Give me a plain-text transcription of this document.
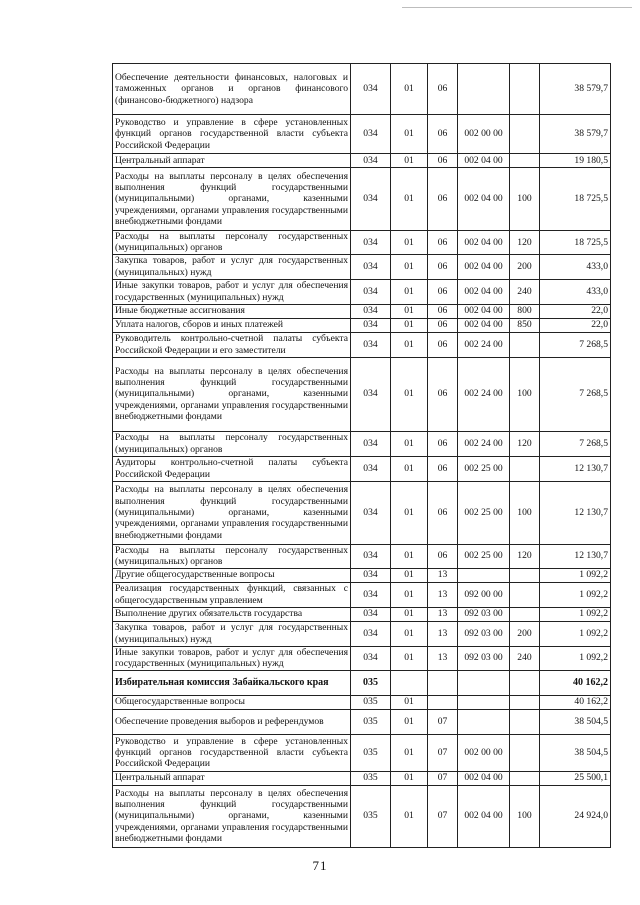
Обеспечение деятельности финансовых, налоговых и таможенных органов и органов финансового (финансово-бюджетного) надзора	034	01	06			38 579,7
Руководство и управление в сфере установленных функций органов государственной власти субъекта Российской Федерации	034	01	06	002 00 00		38 579,7
Центральный аппарат	034	01	06	002 04 00		19 180,5
Расходы на выплаты персоналу в целях обеспечения выполнения функций государственными (муниципальными) органами, казенными учреждениями, органами управления государственными внебюджетными фондами	034	01	06	002 04 00	100	18 725,5
Расходы на выплаты персоналу государственных (муниципальных) органов	034	01	06	002 04 00	120	18 725,5
Закупка товаров, работ и услуг для государственных (муниципальных) нужд	034	01	06	002 04 00	200	433,0
Иные закупки товаров, работ и услуг для обеспечения государственных (муниципальных) нужд	034	01	06	002 04 00	240	433,0
Иные бюджетные ассигнования	034	01	06	002 04 00	800	22,0
Уплата налогов, сборов и иных платежей	034	01	06	002 04 00	850	22,0
Руководитель контрольно-счетной палаты субъекта Российской Федерации и его заместители	034	01	06	002 24 00		7 268,5
Расходы на выплаты персоналу в целях обеспечения выполнения функций государственными (муниципальными) органами, казенными учреждениями, органами управления государственными внебюджетными фондами	034	01	06	002 24 00	100	7 268,5
Расходы на выплаты персоналу государственных (муниципальных) органов	034	01	06	002 24 00	120	7 268,5
Аудиторы контрольно-счетной палаты субъекта Российской Федерации	034	01	06	002 25 00		12 130,7
Расходы на выплаты персоналу в целях обеспечения выполнения функций государственными (муниципальными) органами, казенными учреждениями, органами управления государственными внебюджетными фондами	034	01	06	002 25 00	100	12 130,7
Расходы на выплаты персоналу государственных (муниципальных) органов	034	01	06	002 25 00	120	12 130,7
Другие общегосударственные вопросы	034	01	13			1 092,2
Реализация государственных функций, связанных с общегосударственным управлением	034	01	13	092 00 00		1 092,2
Выполнение других обязательств государства	034	01	13	092 03 00		1 092,2
Закупка товаров, работ и услуг для государственных (муниципальных) нужд	034	01	13	092 03 00	200	1 092,2
Иные закупки товаров, работ и услуг для обеспечения государственных (муниципальных) нужд	034	01	13	092 03 00	240	1 092,2
Избирательная комиссия Забайкальского края	035					40 162,2
Общегосударственные вопросы	035	01				40 162,2
Обеспечение проведения выборов и референдумов	035	01	07			38 504,5
Руководство и управление в сфере установленных функций органов государственной власти субъекта Российской Федерации	035	01	07	002 00 00		38 504,5
Центральный аппарат	035	01	07	002 04 00		25 500,1
Расходы на выплаты персоналу в целях обеспечения выполнения функций государственными (муниципальными) органами, казенными учреждениями, органами управления государственными внебюджетными фондами	035	01	07	002 04 00	100	24 924,0
71
